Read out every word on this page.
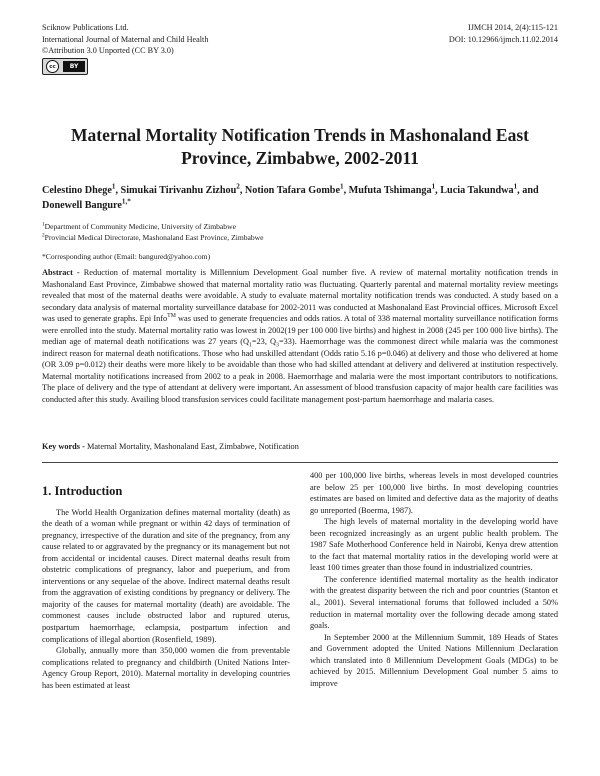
Sciknow Publications Ltd.
International Journal of Maternal and Child Health
©Attribution 3.0 Unported (CC BY 3.0)
IJMCH 2014, 2(4):115-121
DOI: 10.12966/ijmch.11.02.2014
cc	BY
Maternal Mortality Notification Trends in Mashonaland East Province, Zimbabwe, 2002-2011
Celestino Dhege$^1$, Simukai Tirivanhu Zizhou$^2$, Notion Tafara Gombe$^1$, Mufuta Tshimanga$^1$, Lucia Takundwa$^1$, and Donewell Bangure$^{1,*}$
$^1$Department of Community Medicine, University of Zimbabwe
$^2$Provincial Medical Directorate, Mashonaland East Province, Zimbabwe
*Corresponding author (Email: bangured@yahoo.com)
Abstract - Reduction of maternal mortality is Millennium Development Goal number five. A review of maternal mortality notification trends in Mashonaland East Province, Zimbabwe showed that maternal mortality ratio was fluctuating. Quarterly parental and maternal mortality review meetings revealed that most of the maternal deaths were avoidable. A study to evaluate maternal mortality notification trends was conducted. A study based on a secondary data analysis of maternal mortality surveillance database for 2002-2011 was conducted at Mashonaland East Provincial offices. Microsoft Excel was used to generate graphs. Epi Info™ was used to generate frequencies and odds ratios. A total of 338 maternal mortality surveillance notification forms were enrolled into the study. Maternal mortality ratio was lowest in 2002(19 per 100 000 live births) and highest in 2008 (245 per 100 000 live births). The median age of maternal death notifications was 27 years ($Q_1=23$, $Q_3=33$). Haemorrhage was the commonest direct while malaria was the commonest indirect reason for maternal death notifications. Those who had unskilled attendant (Odds ratio 5.16 p=0.046) at delivery and those who delivered at home (OR 3.09 p=0.012) their deaths were more likely to be avoidable than those who had skilled attendant at delivery and delivered at institution respectively. Maternal mortality notifications increased from 2002 to a peak in 2008. Haemorrhage and malaria were the most important contributors to notifications. The place of delivery and the type of attendant at delivery were important. An assessment of blood transfusion capacity of major health care facilities was conducted after this study. Availing blood transfusion services could facilitate management post-partum haemorrhage and malaria cases.
Key words - Maternal Mortality, Mashonaland East, Zimbabwe, Notification
1. Introduction

The World Health Organization defines maternal mortality (death) as the death of a woman while pregnant or within 42 days of termination of pregnancy, irrespective of the duration and site of the pregnancy, from any cause related to or aggravated by the pregnancy or its management but not from accidental or incidental causes. Direct maternal deaths result from obstetric complications of pregnancy, labor and pueperium, and from interventions or any sequelae of the above. Indirect maternal deaths result from the aggravation of existing conditions by pregnancy or delivery. The majority of the causes for maternal mortality (death) are avoidable. The commonest causes include obstructed labor and ruptured uterus, postpartum haemorrhage, eclampsia, postpartum infection and complications of illegal abortion (Rosenfield, 1989).

Globally, annually more than 350,000 women die from preventable complications related to pregnancy and childbirth (United Nations Inter-Agency Group Report, 2010). Maternal mortality in developing countries has been estimated at least

400 per 100,000 live births, whereas levels in most developed countries are below 25 per 100,000 live births. In most developing countries estimates are based on limited and defective data as the majority of deaths go unreported (Boerma, 1987).

The high levels of maternal mortality in the developing world have been recognized increasingly as an urgent public health problem. The 1987 Safe Motherhood Conference held in Nairobi, Kenya drew attention to the fact that maternal mortality ratios in the developing world were at least 100 times greater than those found in industrialized countries.

The conference identified maternal mortality as the health indicator with the greatest disparity between the rich and poor countries (Stanton et al., 2001). Several international forums that followed included a 50% reduction in maternal mortality over the following decade among stated goals.

In September 2000 at the Millennium Summit, 189 Heads of States and Government adopted the United Nations Millennium Declaration which translated into 8 Millennium Development Goals (MDGs) to be achieved by 2015. Millennium Development Goal number 5 aims to improve
